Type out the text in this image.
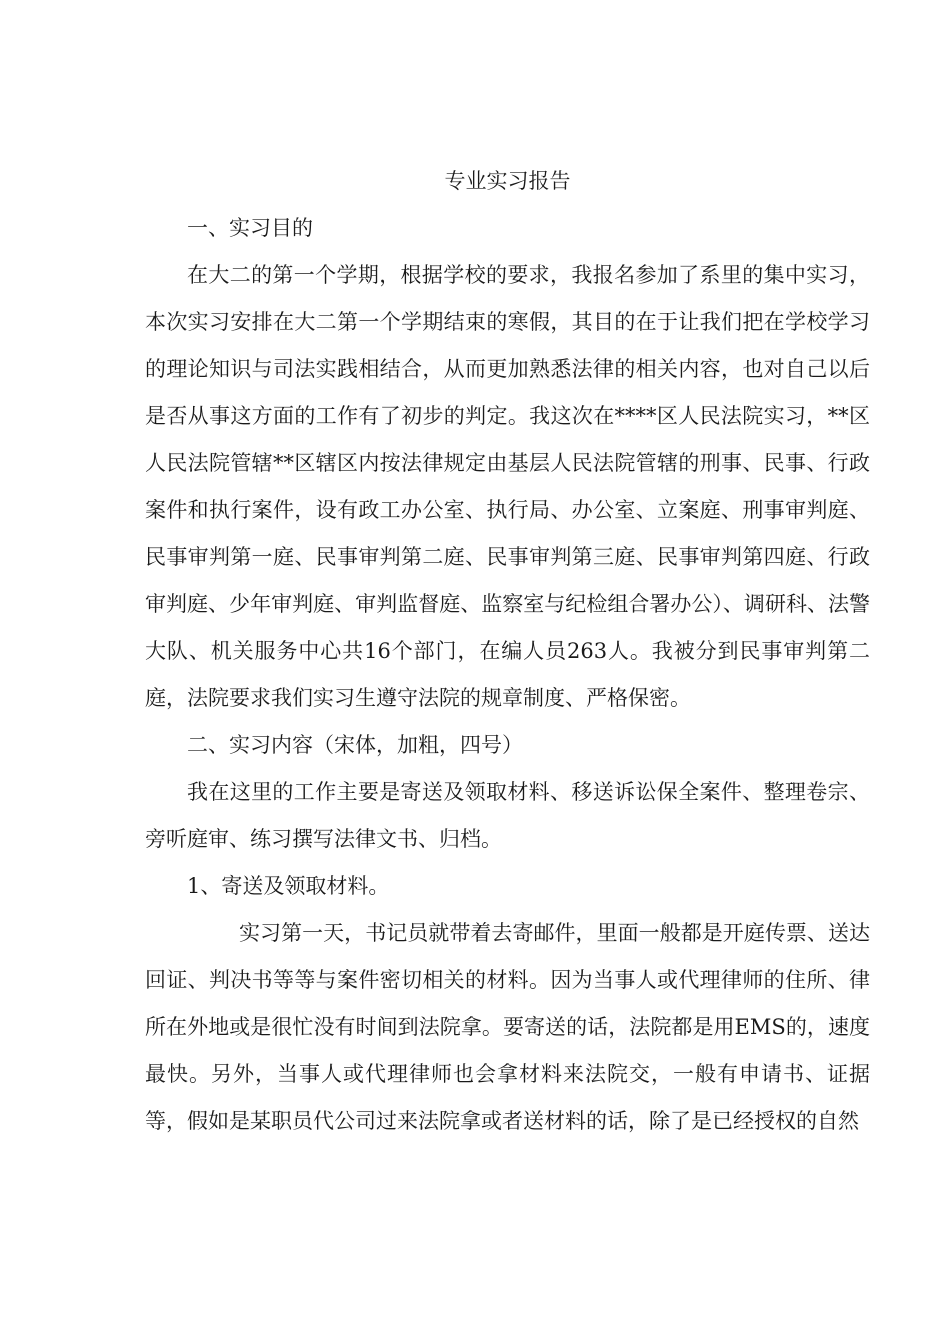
专业实习报告

一、实习目的

在大二的第一个学期，根据学校的要求，我报名参加了系里的集中实习，本次实习安排在大二第一个学期结束的寒假，其目的在于让我们把在学校学习的理论知识与司法实践相结合，从而更加熟悉法律的相关内容，也对自己以后是否从事这方面的工作有了初步的判定。我这次在****区人民法院实习，**区人民法院管辖**区辖区内按法律规定由基层人民法院管辖的刑事、民事、行政案件和执行案件，设有政工办公室、执行局、办公室、立案庭、刑事审判庭、民事审判第一庭、民事审判第二庭、民事审判第三庭、民事审判第四庭、行政审判庭、少年审判庭、审判监督庭、监察室与纪检组合署办公）、调研科、法警大队、机关服务中心共16个部门，在编人员263人。我被分到民事审判第二庭，法院要求我们实习生遵守法院的规章制度、严格保密。

二、实习内容（宋体，加粗，四号）

我在这里的工作主要是寄送及领取材料、移送诉讼保全案件、整理卷宗、旁听庭审、练习撰写法律文书、归档。

1、寄送及领取材料。

实习第一天，书记员就带着去寄邮件，里面一般都是开庭传票、送达回证、判决书等等与案件密切相关的材料。因为当事人或代理律师的住所、律所在外地或是很忙没有时间到法院拿。要寄送的话，法院都是用EMS的，速度最快。另外，当事人或代理律师也会拿材料来法院交，一般有申请书、证据等，假如是某职员代公司过来法院拿或者送材料的话，除了是已经授权的自然
